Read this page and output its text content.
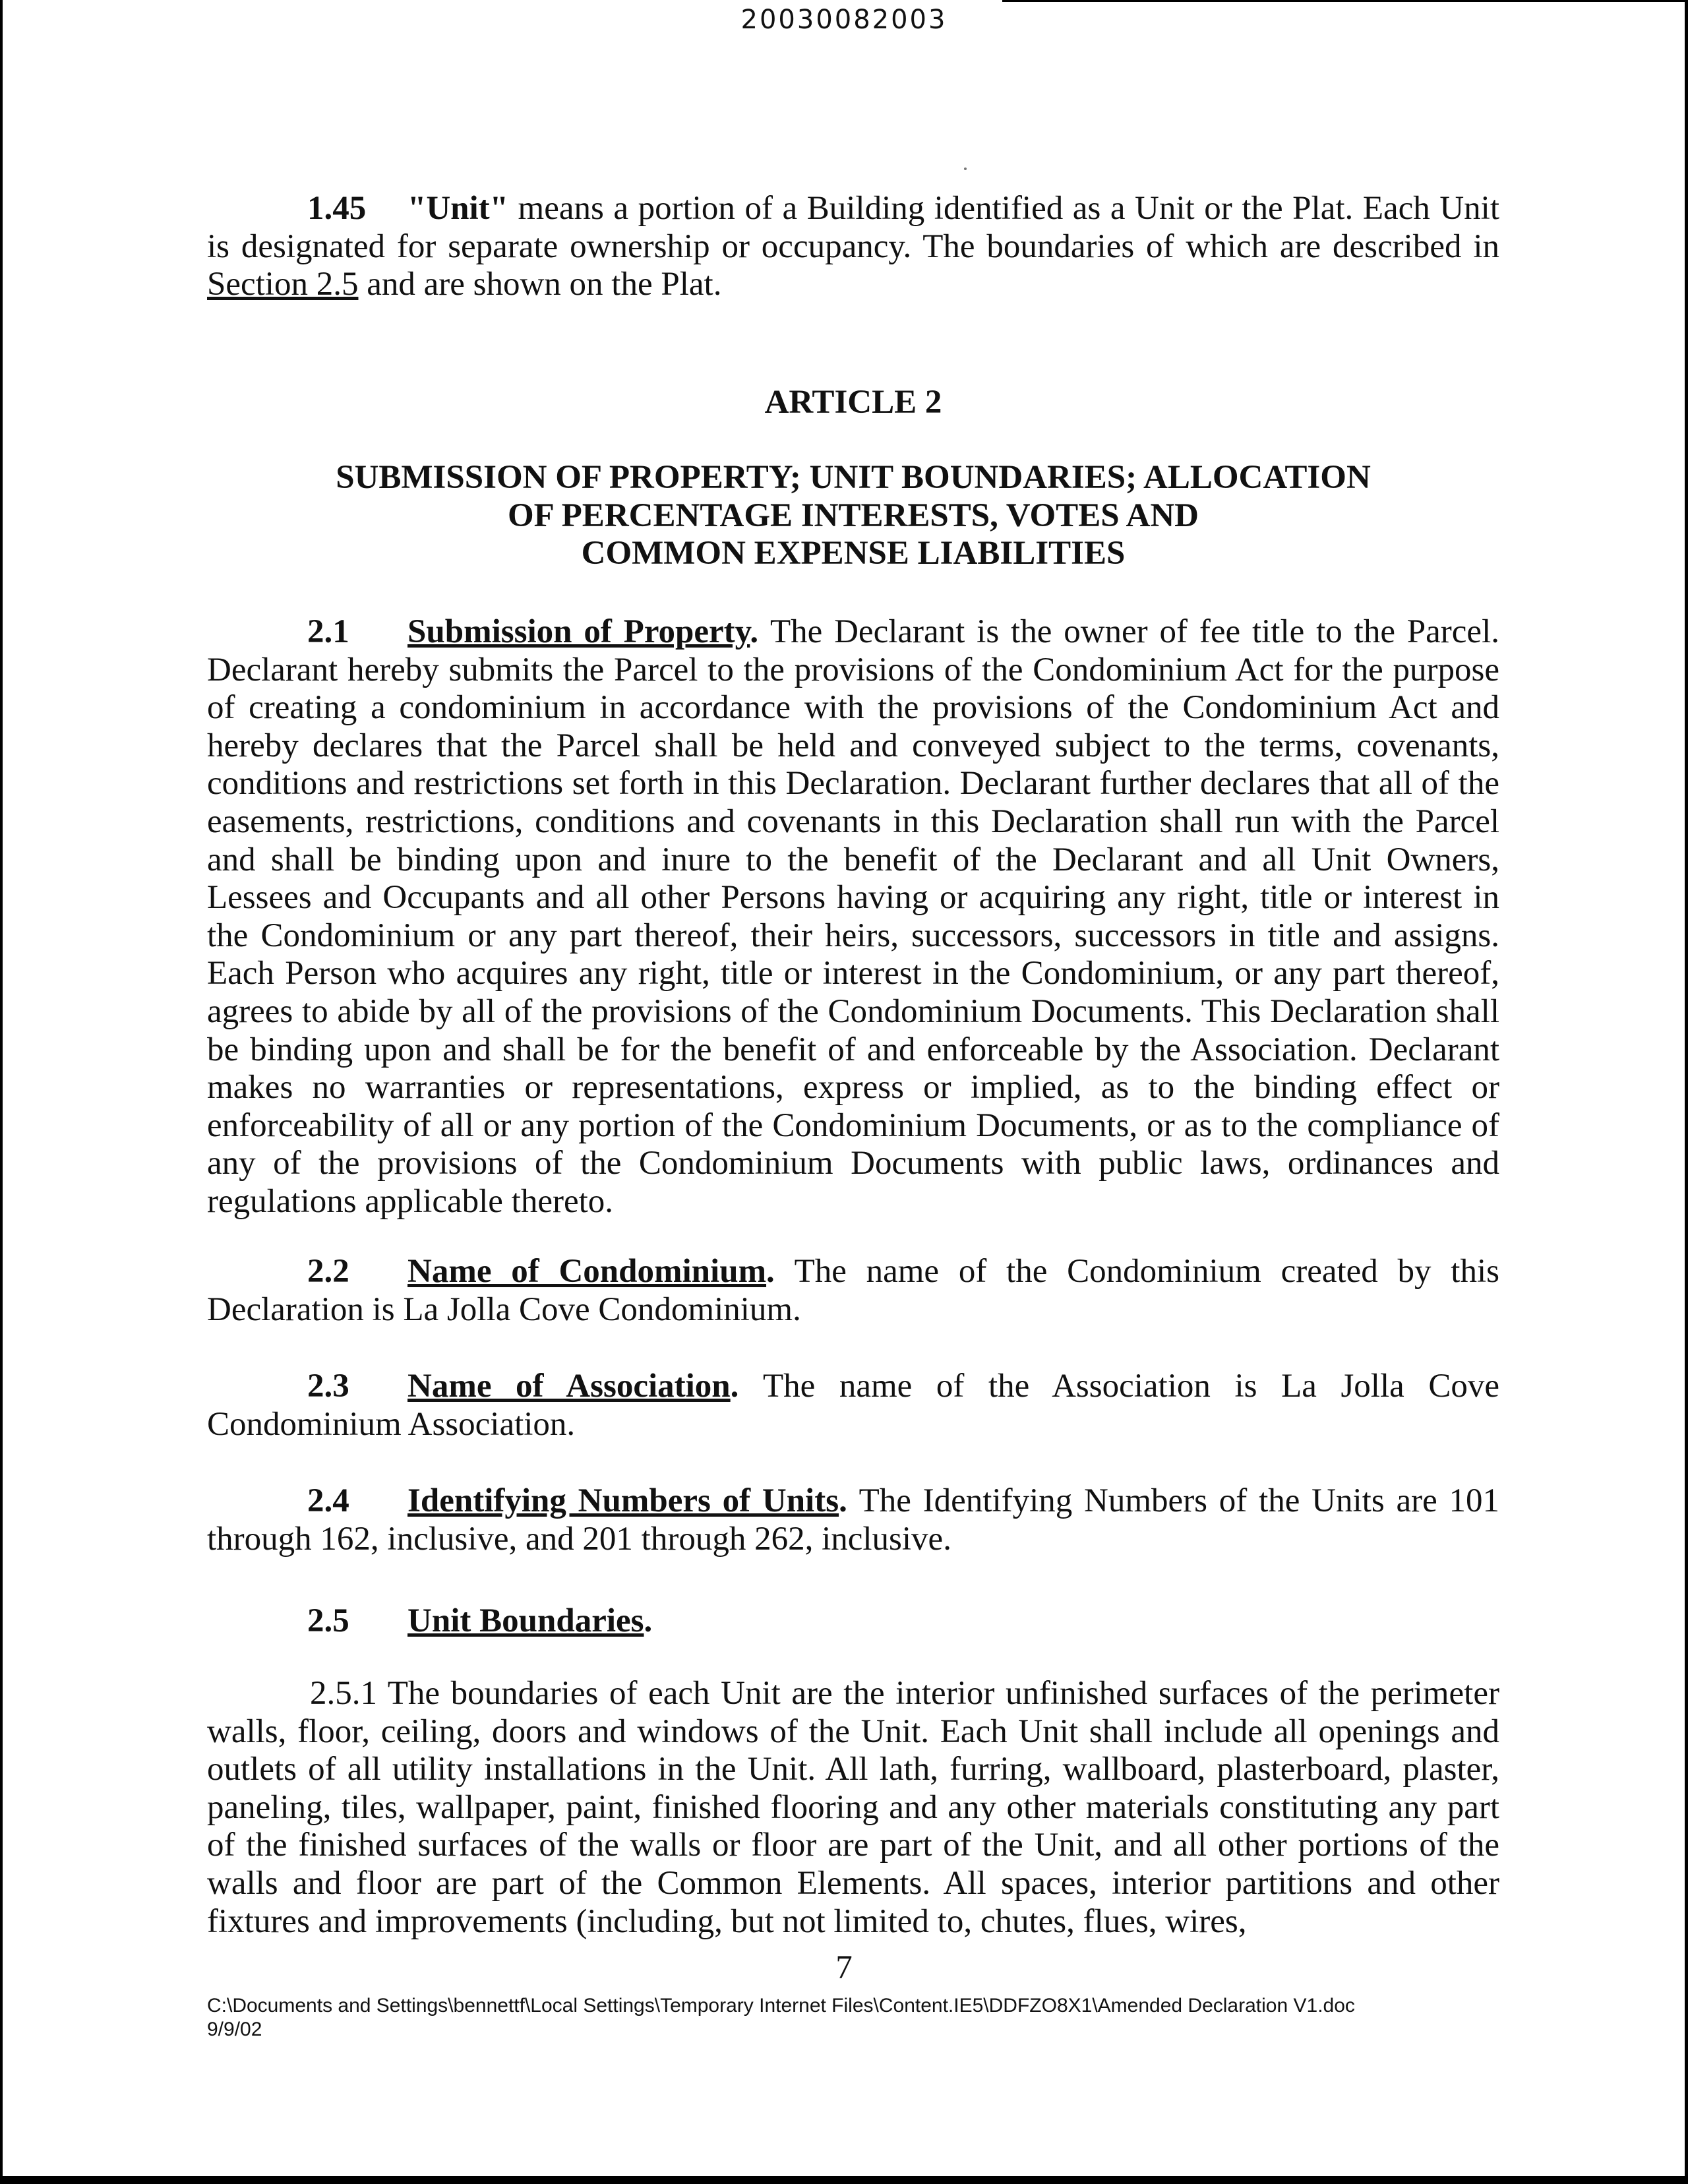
20030082003
1.45 "Unit" means a portion of a Building identified as a Unit or the Plat. Each Unit is designated for separate ownership or occupancy. The boundaries of which are described in Section 2.5 and are shown on the Plat.
ARTICLE 2
SUBMISSION OF PROPERTY; UNIT BOUNDARIES; ALLOCATION
OF PERCENTAGE INTERESTS, VOTES AND
COMMON EXPENSE LIABILITIES
2.1 Submission of Property. The Declarant is the owner of fee title to the Parcel. Declarant hereby submits the Parcel to the provisions of the Condominium Act for the purpose of creating a condominium in accordance with the provisions of the Condominium Act and hereby declares that the Parcel shall be held and conveyed subject to the terms, covenants, conditions and restrictions set forth in this Declaration. Declarant further declares that all of the easements, restrictions, conditions and covenants in this Declaration shall run with the Parcel and shall be binding upon and inure to the benefit of the Declarant and all Unit Owners, Lessees and Occupants and all other Persons having or acquiring any right, title or interest in the Condominium or any part thereof, their heirs, successors, successors in title and assigns. Each Person who acquires any right, title or interest in the Condominium, or any part thereof, agrees to abide by all of the provisions of the Condominium Documents. This Declaration shall be binding upon and shall be for the benefit of and enforceable by the Association. Declarant makes no warranties or representations, express or implied, as to the binding effect or enforceability of all or any portion of the Condominium Documents, or as to the compliance of any of the provisions of the Condominium Documents with public laws, ordinances and regulations applicable thereto.
2.2 Name of Condominium. The name of the Condominium created by this Declaration is La Jolla Cove Condominium.
2.3 Name of Association. The name of the Association is La Jolla Cove Condominium Association.
2.4 Identifying Numbers of Units. The Identifying Numbers of the Units are 101 through 162, inclusive, and 201 through 262, inclusive.
2.5 Unit Boundaries.
2.5.1 The boundaries of each Unit are the interior unfinished surfaces of the perimeter walls, floor, ceiling, doors and windows of the Unit. Each Unit shall include all openings and outlets of all utility installations in the Unit. All lath, furring, wallboard, plasterboard, plaster, paneling, tiles, wallpaper, paint, finished flooring and any other materials constituting any part of the finished surfaces of the walls or floor are part of the Unit, and all other portions of the walls and floor are part of the Common Elements. All spaces, interior partitions and other fixtures and improvements (including, but not limited to, chutes, flues, wires,
7
C:\Documents and Settings\bennettf\Local Settings\Temporary Internet Files\Content.IE5\DDFZO8X1\Amended Declaration V1.doc
9/9/02
